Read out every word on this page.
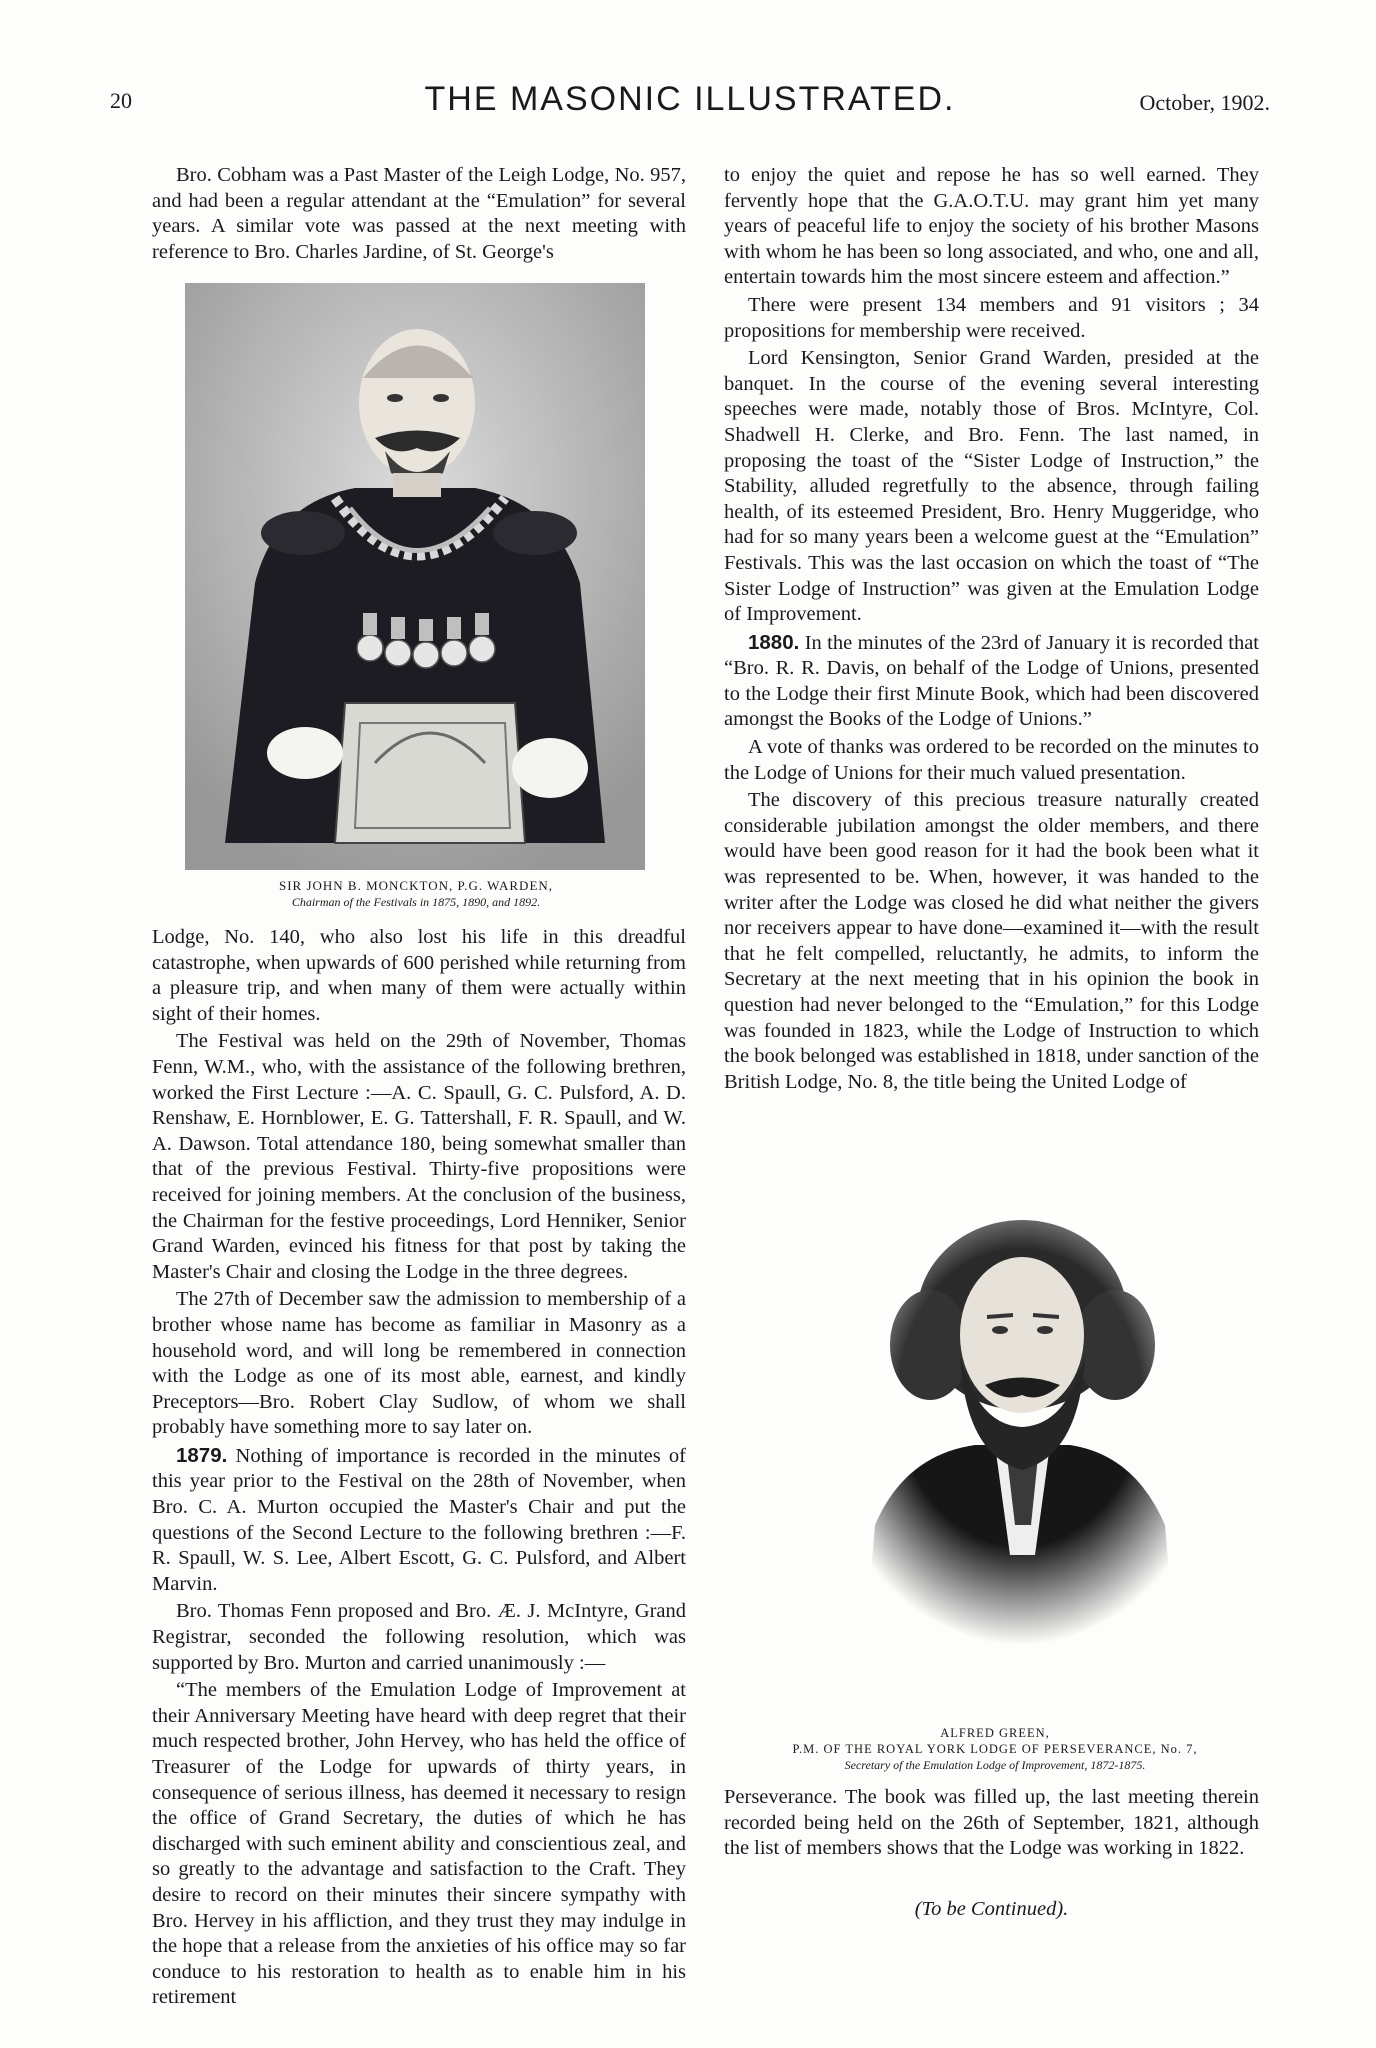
20	THE MASONIC ILLUSTRATED.	October, 1902.

Bro. Cobham was a Past Master of the Leigh Lodge, No. 957, and had been a regular attendant at the “Emulation” for several years. A similar vote was passed at the next meeting with reference to Bro. Charles Jardine, of St. George's

SIR JOHN B. MONCKTON, P.G. WARDEN,
Chairman of the Festivals in 1875, 1890, and 1892.

Lodge, No. 140, who also lost his life in this dreadful catastrophe, when upwards of 600 perished while returning from a pleasure trip, and when many of them were actually within sight of their homes.

The Festival was held on the 29th of November, Thomas Fenn, W.M., who, with the assistance of the following brethren, worked the First Lecture :—A. C. Spaull, G. C. Pulsford, A. D. Renshaw, E. Hornblower, E. G. Tattershall, F. R. Spaull, and W. A. Dawson. Total attendance 180, being somewhat smaller than that of the previous Festival. Thirty-five propositions were received for joining members. At the conclusion of the business, the Chairman for the festive proceedings, Lord Henniker, Senior Grand Warden, evinced his fitness for that post by taking the Master's Chair and closing the Lodge in the three degrees.

The 27th of December saw the admission to membership of a brother whose name has become as familiar in Masonry as a household word, and will long be remembered in connection with the Lodge as one of its most able, earnest, and kindly Preceptors—Bro. Robert Clay Sudlow, of whom we shall probably have something more to say later on.

1879. Nothing of importance is recorded in the minutes of this year prior to the Festival on the 28th of November, when Bro. C. A. Murton occupied the Master's Chair and put the questions of the Second Lecture to the following brethren :—F. R. Spaull, W. S. Lee, Albert Escott, G. C. Pulsford, and Albert Marvin.

Bro. Thomas Fenn proposed and Bro. Æ. J. McIntyre, Grand Registrar, seconded the following resolution, which was supported by Bro. Murton and carried unanimously :—

“The members of the Emulation Lodge of Improvement at their Anniversary Meeting have heard with deep regret that their much respected brother, John Hervey, who has held the office of Treasurer of the Lodge for upwards of thirty years, in consequence of serious illness, has deemed it necessary to resign the office of Grand Secretary, the duties of which he has discharged with such eminent ability and conscientious zeal, and so greatly to the advantage and satisfaction to the Craft. They desire to record on their minutes their sincere sympathy with Bro. Hervey in his affliction, and they trust they may indulge in the hope that a release from the anxieties of his office may so far conduce to his restoration to health as to enable him in his retirement

to enjoy the quiet and repose he has so well earned. They fervently hope that the G.A.O.T.U. may grant him yet many years of peaceful life to enjoy the society of his brother Masons with whom he has been so long associated, and who, one and all, entertain towards him the most sincere esteem and affection.”

There were present 134 members and 91 visitors ; 34 propositions for membership were received.

Lord Kensington, Senior Grand Warden, presided at the banquet. In the course of the evening several interesting speeches were made, notably those of Bros. McIntyre, Col. Shadwell H. Clerke, and Bro. Fenn. The last named, in proposing the toast of the “Sister Lodge of Instruction,” the Stability, alluded regretfully to the absence, through failing health, of its esteemed President, Bro. Henry Muggeridge, who had for so many years been a welcome guest at the “Emulation” Festivals. This was the last occasion on which the toast of “The Sister Lodge of Instruction” was given at the Emulation Lodge of Improvement.

1880. In the minutes of the 23rd of January it is recorded that “Bro. R. R. Davis, on behalf of the Lodge of Unions, presented to the Lodge their first Minute Book, which had been discovered amongst the Books of the Lodge of Unions.”

A vote of thanks was ordered to be recorded on the minutes to the Lodge of Unions for their much valued presentation.

The discovery of this precious treasure naturally created considerable jubilation amongst the older members, and there would have been good reason for it had the book been what it was represented to be. When, however, it was handed to the writer after the Lodge was closed he did what neither the givers nor receivers appear to have done—examined it—with the result that he felt compelled, reluctantly, he admits, to inform the Secretary at the next meeting that in his opinion the book in question had never belonged to the “Emulation,” for this Lodge was founded in 1823, while the Lodge of Instruction to which the book belonged was established in 1818, under sanction of the British Lodge, No. 8, the title being the United Lodge of

ALFRED GREEN,
P.M. OF THE ROYAL YORK LODGE OF PERSEVERANCE, No. 7,
Secretary of the Emulation Lodge of Improvement, 1872-1875.

Perseverance. The book was filled up, the last meeting therein recorded being held on the 26th of September, 1821, although the list of members shows that the Lodge was working in 1822.

(To be Continued).
